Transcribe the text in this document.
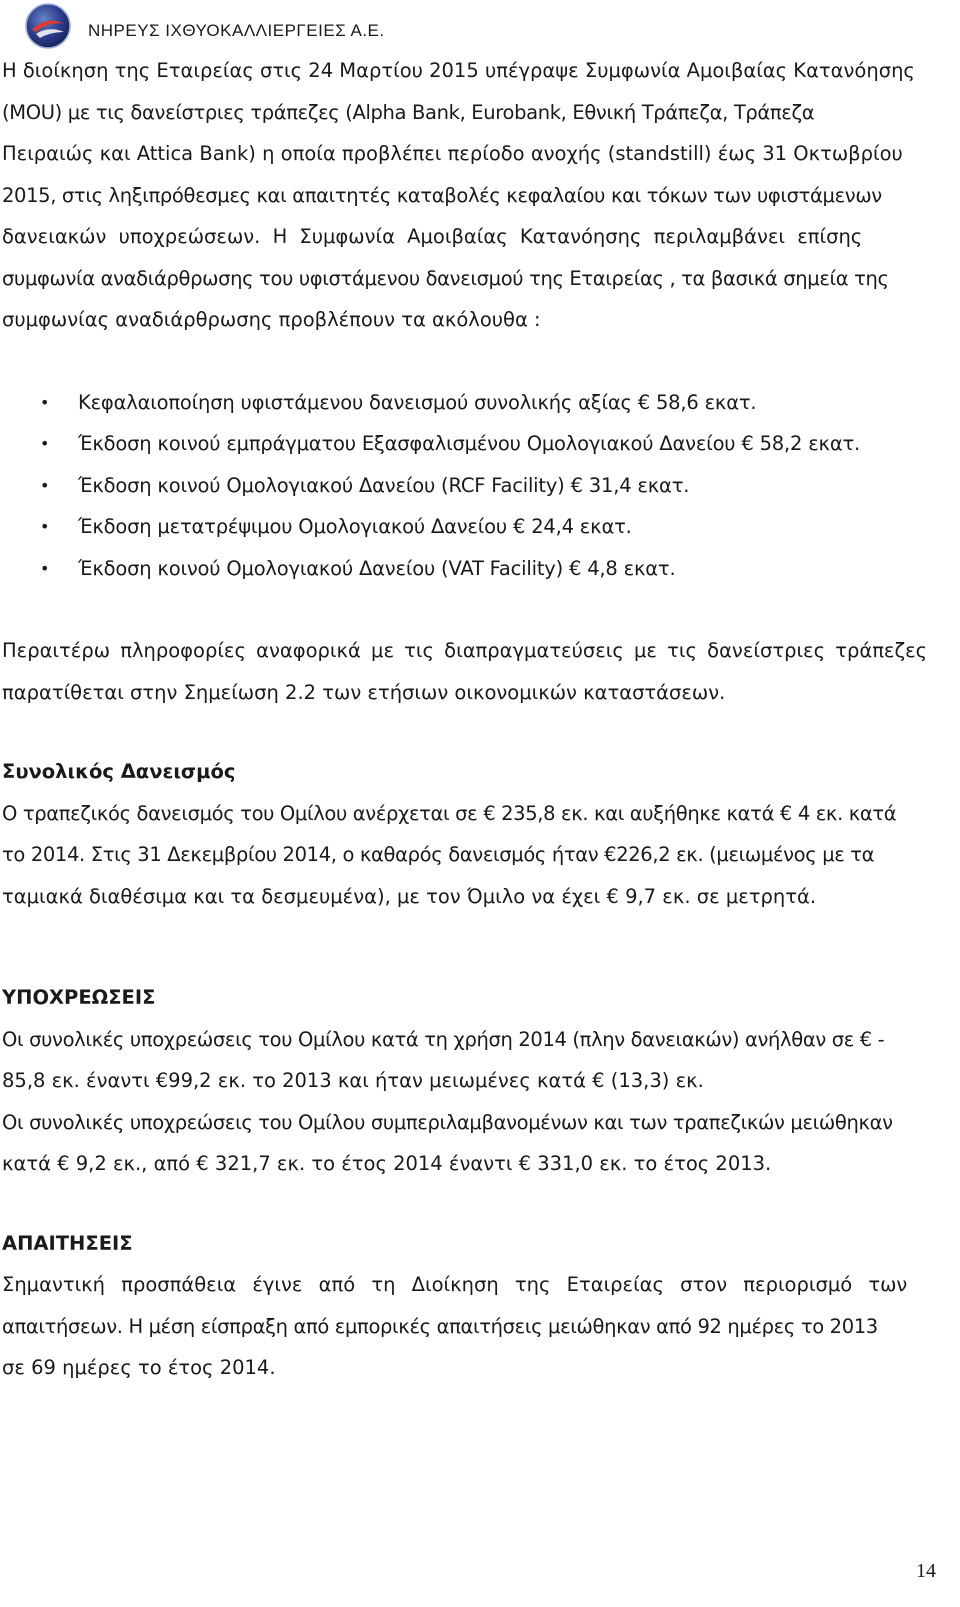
ΝΗΡΕΥΣ ΙΧΘΥΟΚΑΛΛΙΕΡΓΕΙΕΣ Α.Ε.

Η διοίκηση της Εταιρείας στις 24 Μαρτίου 2015 υπέγραψε Συμφωνία Αμοιβαίας Κατανόησης

(MOU) με τις δανείστριες τράπεζες (Alpha Bank, Eurobank, Εθνική Τράπεζα, Τράπεζα

Πειραιώς και Attica Bank) η οποία προβλέπει περίοδο ανοχής (standstill) έως 31 Οκτωβρίου

2015, στις ληξιπρόθεσμες και απαιτητές καταβολές κεφαλαίου και τόκων των υφιστάμενων

δανειακών υποχρεώσεων. Η Συμφωνία Αμοιβαίας Κατανόησης περιλαμβάνει επίσης

συμφωνία αναδιάρθρωσης του υφιστάμενου δανεισμού της Εταιρείας , τα βασικά σημεία της

συμφωνίας αναδιάρθρωσης προβλέπουν τα ακόλουθα :

• Κεφαλαιοποίηση υφιστάμενου δανεισμού συνολικής αξίας € 58,6 εκατ.
• Έκδοση κοινού εμπράγματου Εξασφαλισμένου Ομολογιακού Δανείου € 58,2 εκατ.
• Έκδοση κοινού Ομολογιακού Δανείου (RCF Facility) € 31,4 εκατ.
• Έκδοση μετατρέψιμου Ομολογιακού Δανείου € 24,4 εκατ.
• Έκδοση κοινού Ομολογιακού Δανείου (VAT Facility) € 4,8 εκατ.

Περαιτέρω πληροφορίες αναφορικά με τις διαπραγματεύσεις με τις δανείστριες τράπεζες

παρατίθεται στην Σημείωση 2.2 των ετήσιων οικονομικών καταστάσεων.

Συνολικός Δανεισμός

Ο τραπεζικός δανεισμός του Ομίλου ανέρχεται σε € 235,8 εκ. και αυξήθηκε κατά € 4 εκ. κατά

το 2014. Στις 31 Δεκεμβρίου 2014, ο καθαρός δανεισμός ήταν €226,2 εκ. (μειωμένος με τα

ταμιακά διαθέσιμα και τα δεσμευμένα), με τον Όμιλο να έχει € 9,7 εκ. σε μετρητά.

ΥΠΟΧΡΕΩΣΕΙΣ

Οι συνολικές υποχρεώσεις του Ομίλου κατά τη χρήση 2014 (πλην δανειακών) ανήλθαν σε € -

85,8 εκ. έναντι €99,2 εκ. το 2013 και ήταν μειωμένες κατά € (13,3) εκ.

Οι συνολικές υποχρεώσεις του Ομίλου συμπεριλαμβανομένων και των τραπεζικών μειώθηκαν

κατά € 9,2 εκ., από € 321,7 εκ. το έτος 2014 έναντι € 331,0 εκ. το έτος 2013.

ΑΠΑΙΤΗΣΕΙΣ

Σημαντική προσπάθεια έγινε από τη Διοίκηση της Εταιρείας στον περιορισμό των

απαιτήσεων. Η μέση είσπραξη από εμπορικές απαιτήσεις μειώθηκαν από 92 ημέρες το 2013

σε 69 ημέρες το έτος 2014.

14
